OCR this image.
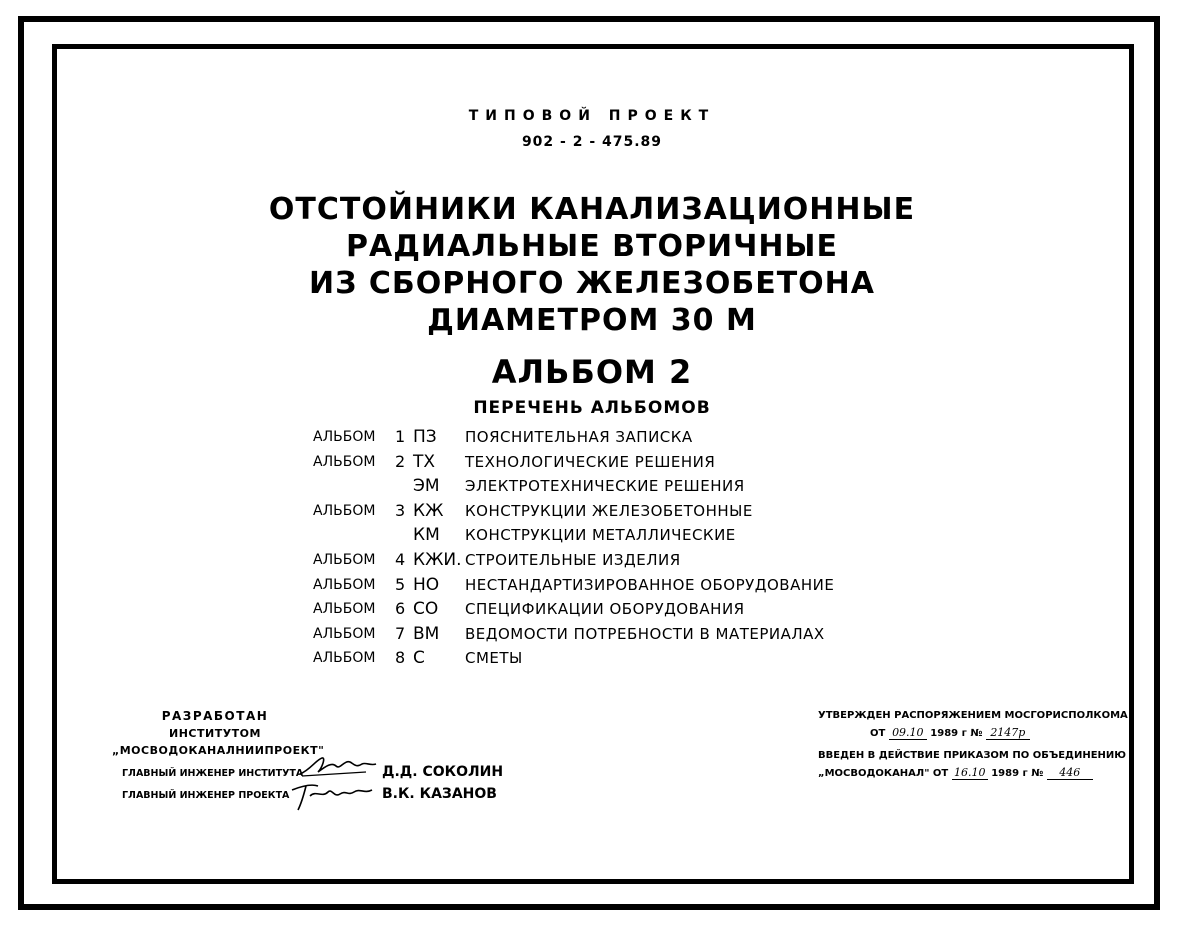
ТИПОВОЙ ПРОЕКТ
902 - 2 - 475.89
ОТСТОЙНИКИ КАНАЛИЗАЦИОННЫЕ
РАДИАЛЬНЫЕ ВТОРИЧНЫЕ
ИЗ СБОРНОГО ЖЕЛЕЗОБЕТОНА
ДИАМЕТРОМ 30 М
АЛЬБОМ 2
ПЕРЕЧЕНЬ АЛЬБОМОВ
АЛЬБОМ 1 ПЗ ПОЯСНИТЕЛЬНАЯ ЗАПИСКА
АЛЬБОМ 2 ТХ ТЕХНОЛОГИЧЕСКИЕ РЕШЕНИЯ
ЭМ ЭЛЕКТРОТЕХНИЧЕСКИЕ РЕШЕНИЯ
АЛЬБОМ 3 КЖ КОНСТРУКЦИИ ЖЕЛЕЗОБЕТОННЫЕ
КМ КОНСТРУКЦИИ МЕТАЛЛИЧЕСКИЕ
АЛЬБОМ 4 КЖИ. СТРОИТЕЛЬНЫЕ ИЗДЕЛИЯ
АЛЬБОМ 5 НО НЕСТАНДАРТИЗИРОВАННОЕ ОБОРУДОВАНИЕ
АЛЬБОМ 6 СО СПЕЦИФИКАЦИИ ОБОРУДОВАНИЯ
АЛЬБОМ 7 ВМ ВЕДОМОСТИ ПОТРЕБНОСТИ В МАТЕРИАЛАХ
АЛЬБОМ 8 С	СМЕТЫ
РАЗРАБОТАН
ИНСТИТУТОМ
„МОСВОДОКАНАЛНИИПРОЕКТ"
ГЛАВНЫЙ ИНЖЕНЕР ИНСТИТУТА
ГЛАВНЫЙ ИНЖЕНЕР ПРОЕКТА
Д.Д. СОКОЛИН
В.К. КАЗАНОВ
УТВЕРЖДЕН РАСПОРЯЖЕНИЕМ МОСГОРИСПОЛКОМА
ОТ 09.10 1989 г № 2147р
ВВЕДЕН В ДЕЙСТВИЕ ПРИКАЗОМ ПО ОБЪЕДИНЕНИЮ
„МОСВОДОКАНАЛ" ОТ 16.10 1989 г № 446
